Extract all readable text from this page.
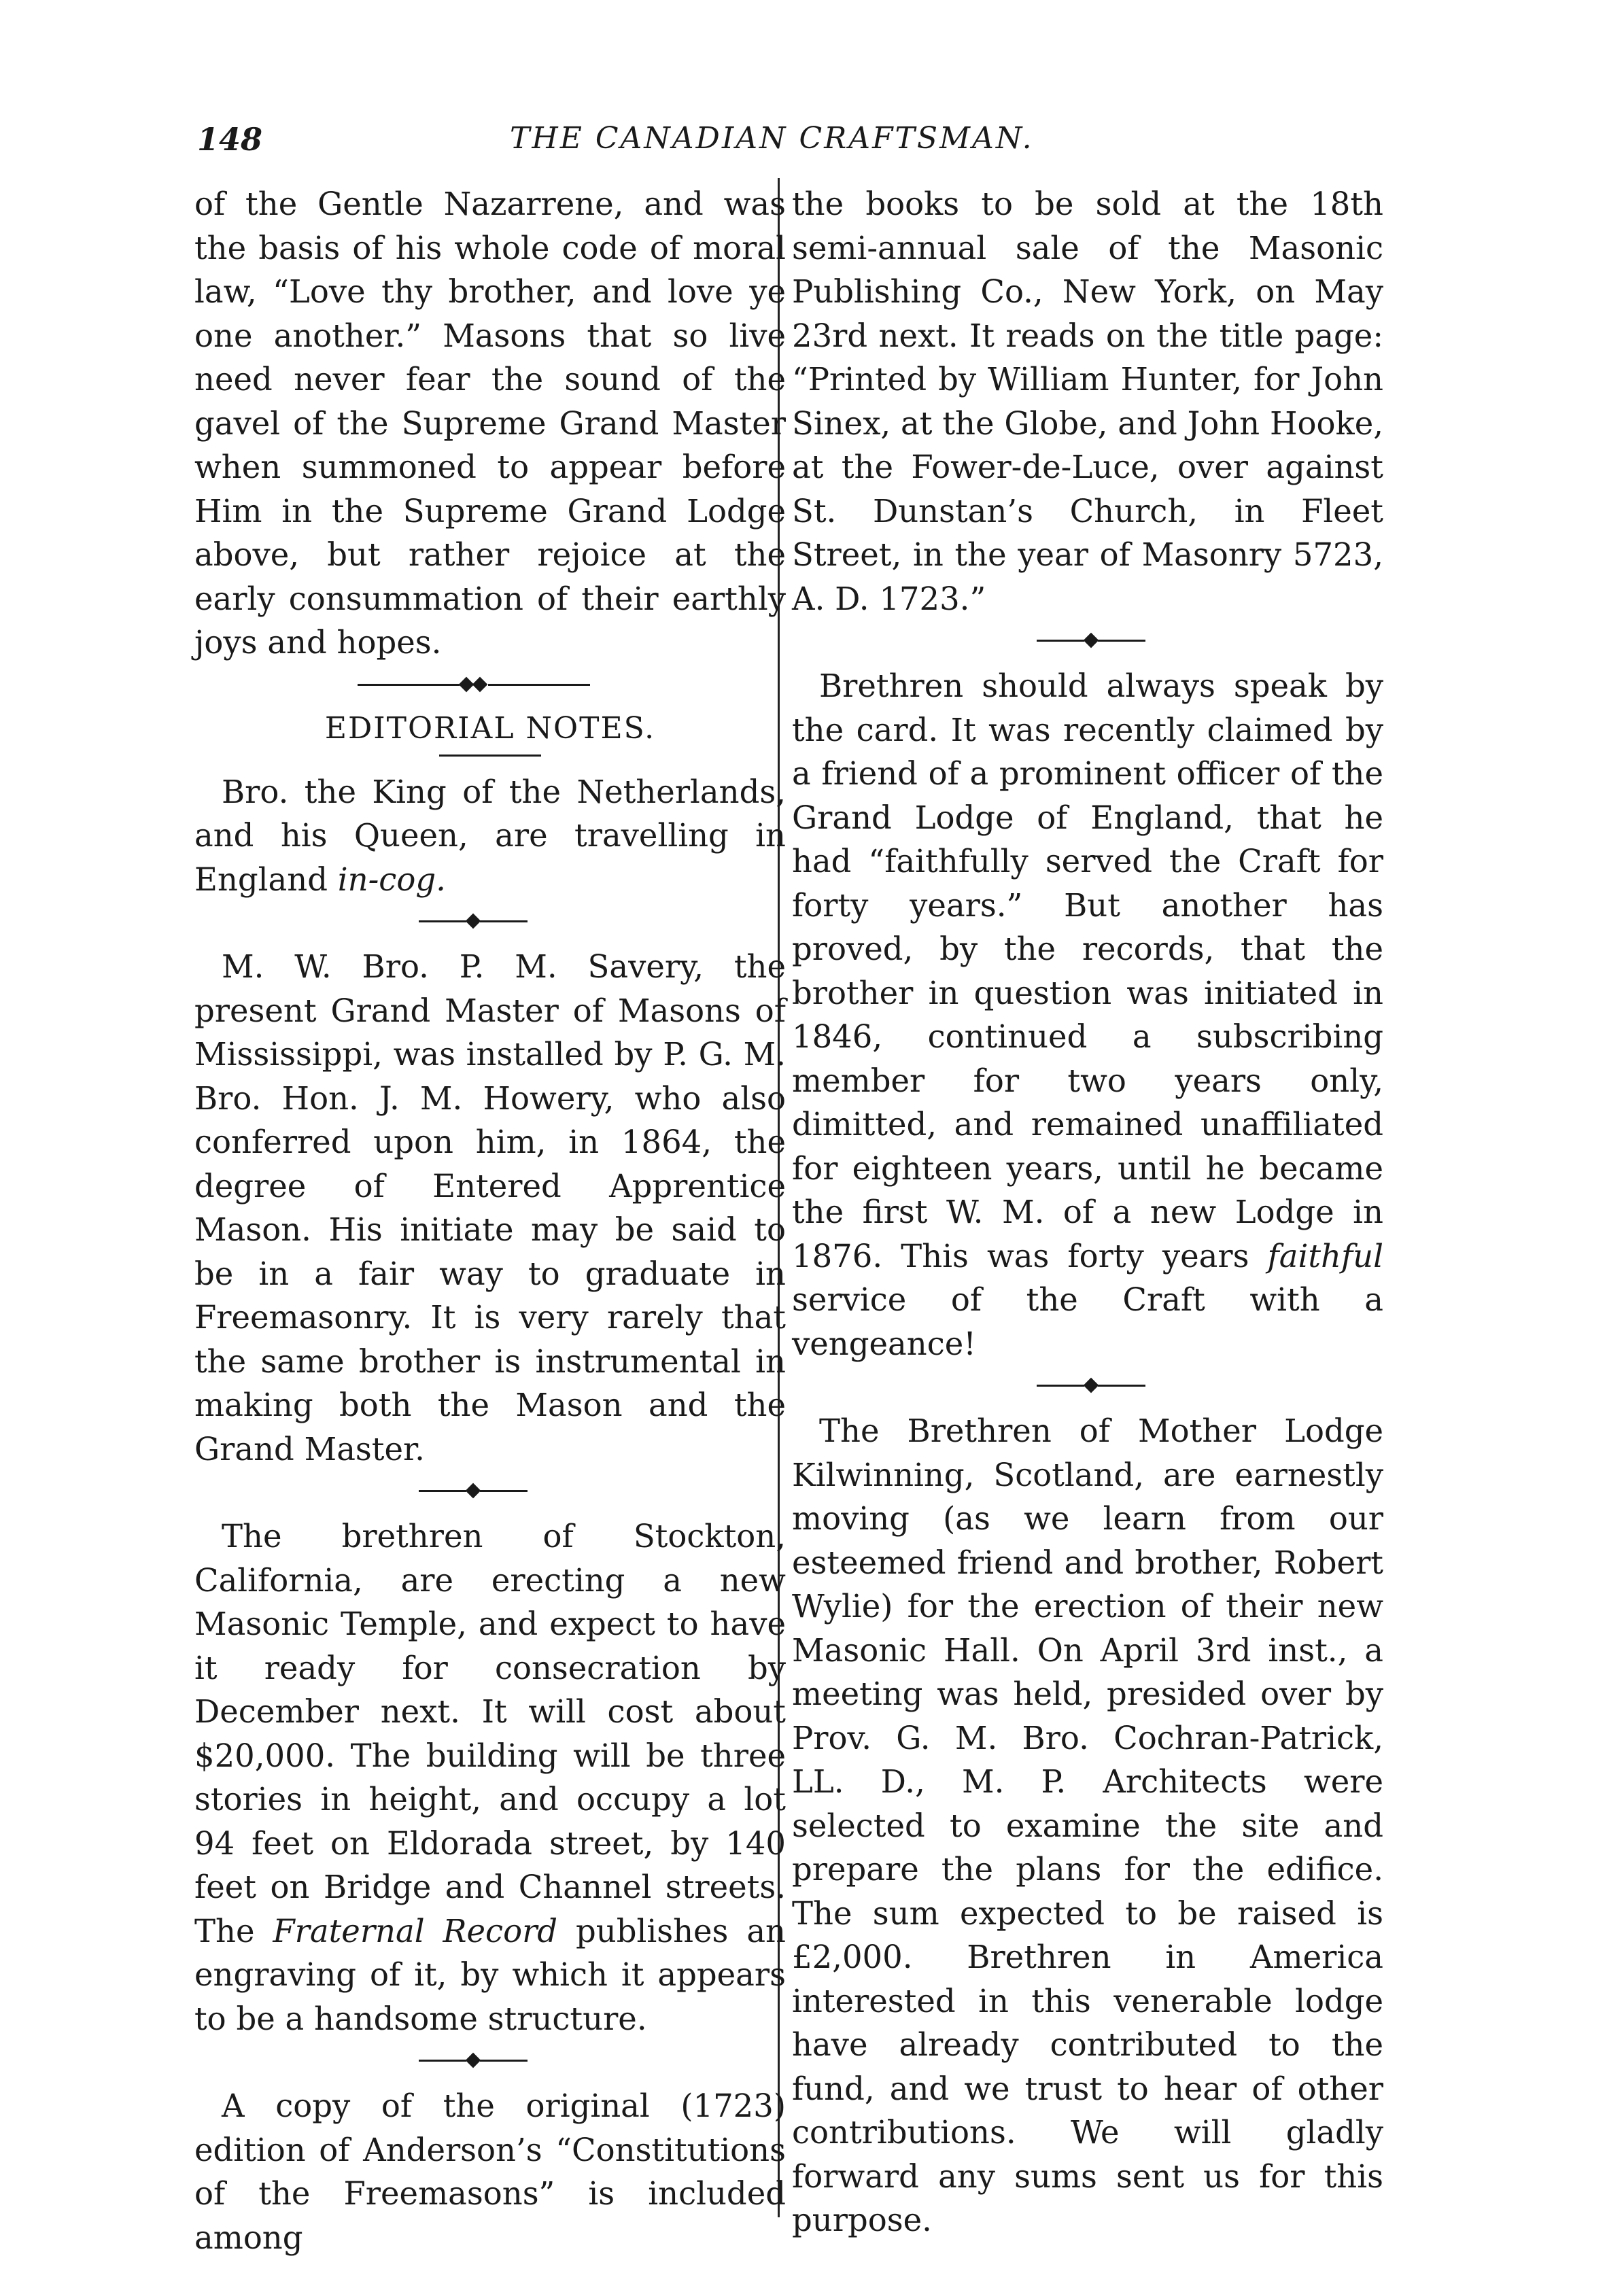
148	THE CANADIAN CRAFTSMAN.

of the Gentle Nazarrene, and was the basis of his whole code of moral law, “Love thy brother, and love ye one another.” Masons that so live need never fear the sound of the gavel of the Supreme Grand Master when summoned to appear before Him in the Supreme Grand Lodge above, but rather rejoice at the early consummation of their earthly joys and hopes.

EDITORIAL NOTES.

Bro. the King of the Netherlands, and his Queen, are travelling in England in-cog.

M. W. Bro. P. M. Savery, the present Grand Master of Masons of Mississippi, was installed by P. G. M. Bro. Hon. J. M. Howery, who also conferred upon him, in 1864, the degree of Entered Apprentice Mason. His initiate may be said to be in a fair way to graduate in Freemasonry. It is very rarely that the same brother is instrumental in making both the Mason and the Grand Master.

The brethren of Stockton, California, are erecting a new Masonic Temple, and expect to have it ready for consecration by December next. It will cost about $20,000. The building will be three stories in height, and occupy a lot 94 feet on Eldorada street, by 140 feet on Bridge and Channel streets. The Fraternal Record publishes an engraving of it, by which it appears to be a handsome structure.

A copy of the original (1723) edition of Anderson’s “Constitutions of the Freemasons” is included among

the books to be sold at the 18th semi-annual sale of the Masonic Publishing Co., New York, on May 23rd next. It reads on the title page: “Printed by William Hunter, for John Sinex, at the Globe, and John Hooke, at the Fower-de-Luce, over against St. Dunstan’s Church, in Fleet Street, in the year of Masonry 5723, A. D. 1723.”

Brethren should always speak by the card. It was recently claimed by a friend of a prominent officer of the Grand Lodge of England, that he had “faithfully served the Craft for forty years.” But another has proved, by the records, that the brother in question was initiated in 1846, continued a subscribing member for two years only, dimitted, and remained unaffiliated for eighteen years, until he became the first W. M. of a new Lodge in 1876. This was forty years faithful service of the Craft with a vengeance!

The Brethren of Mother Lodge Kilwinning, Scotland, are earnestly moving (as we learn from our esteemed friend and brother, Robert Wylie) for the erection of their new Masonic Hall. On April 3rd inst., a meeting was held, presided over by Prov. G. M. Bro. Cochran-Patrick, LL. D., M. P. Architects were selected to examine the site and prepare the plans for the edifice. The sum expected to be raised is £2,000. Brethren in America interested in this venerable lodge have already contributed to the fund, and we trust to hear of other contributions. We will gladly forward any sums sent us for this purpose.
